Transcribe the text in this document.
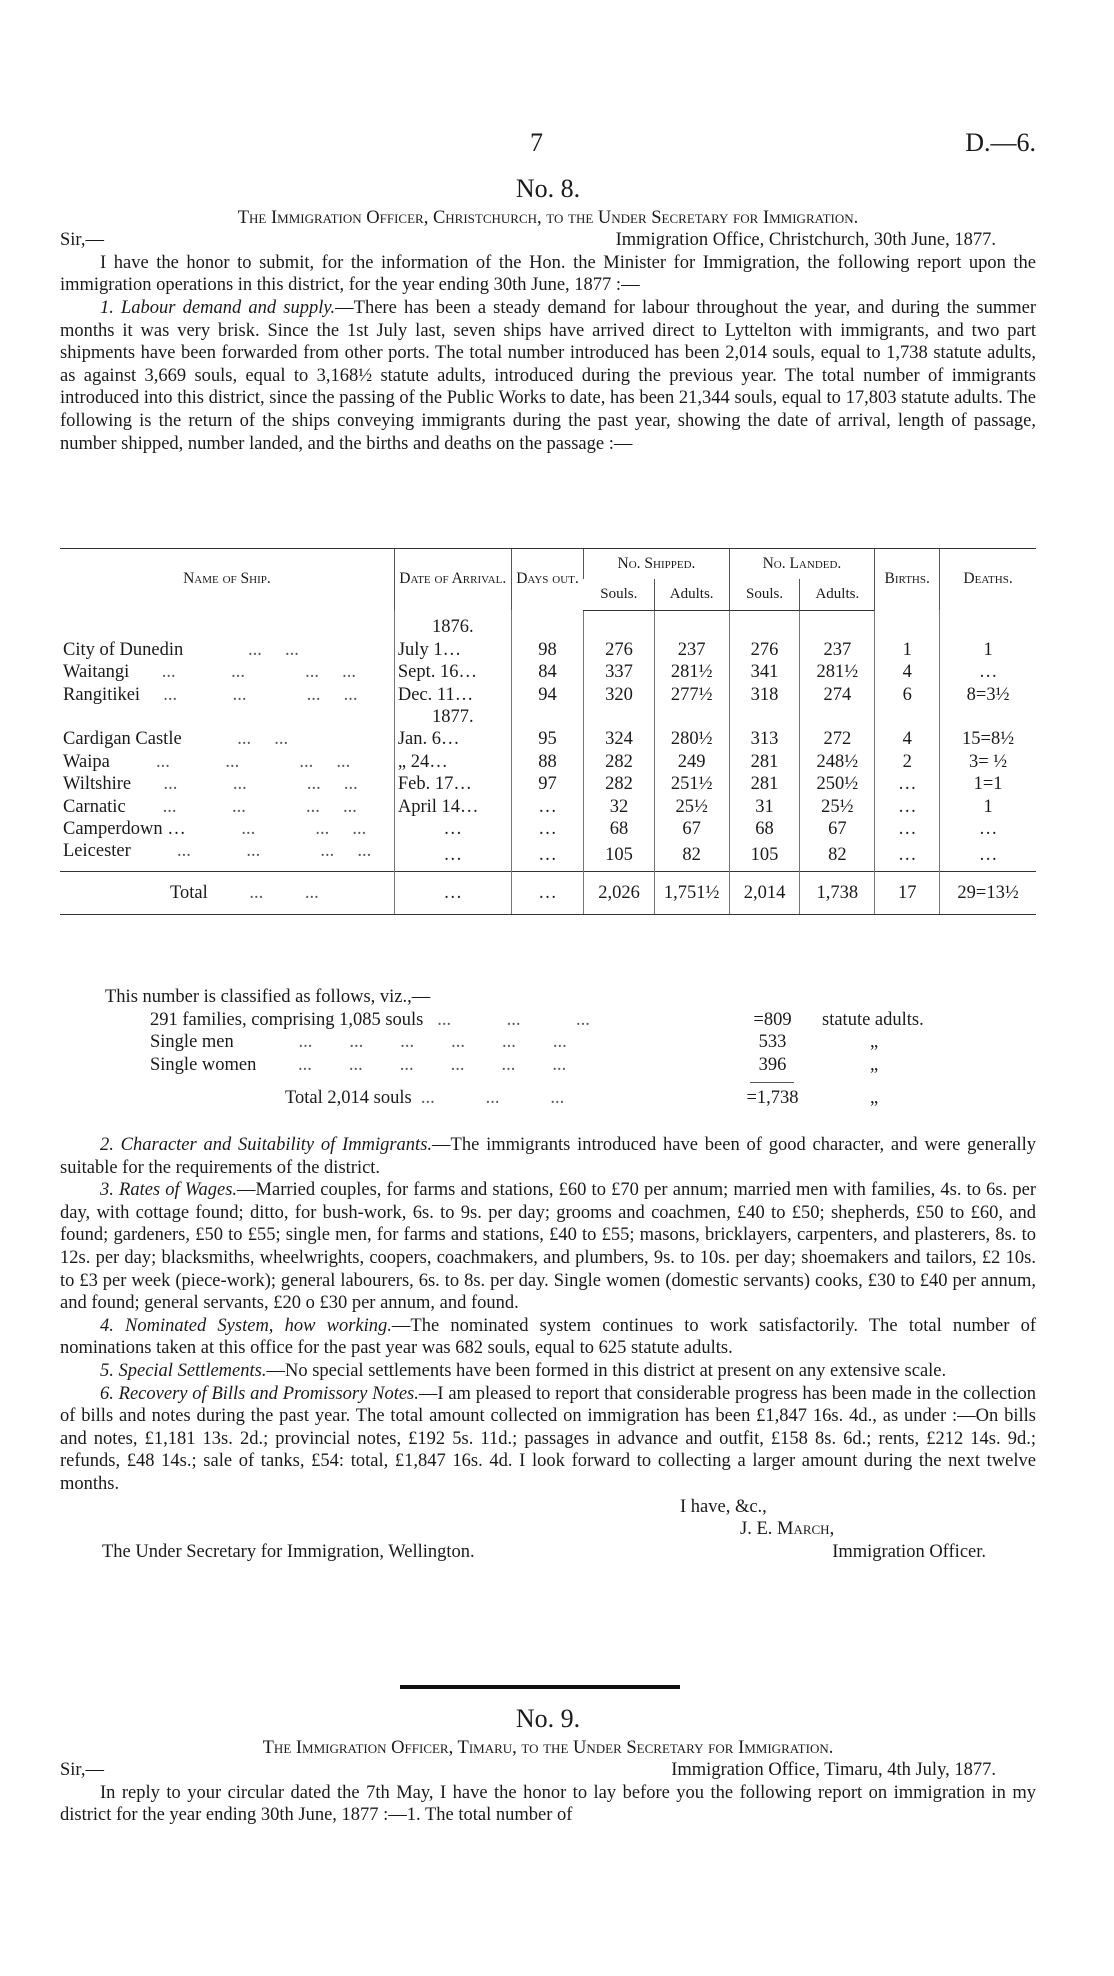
7	D.—6.

No. 8.

The Immigration Officer, Christchurch, to the Under Secretary for Immigration.

Sir,—	Immigration Office, Christchurch, 30th June, 1877.

I have the honor to submit, for the information of the Hon. the Minister for Immigration, the following report upon the immigration operations in this district, for the year ending 30th June, 1877 :—

1. Labour demand and supply.—There has been a steady demand for labour throughout the year, and during the summer months it was very brisk. Since the 1st July last, seven ships have arrived direct to Lyttelton with immigrants, and two part shipments have been forwarded from other ports. The total number introduced has been 2,014 souls, equal to 1,738 statute adults, as against 3,669 souls, equal to 3,168½ statute adults, introduced during the previous year. The total number of immigrants introduced into this district, since the passing of the Public Works to date, has been 21,344 souls, equal to 17,803 statute adults. The following is the return of the ships conveying immigrants during the past year, showing the date of arrival, length of passage, number shipped, number landed, and the births and deaths on the passage :—

Name of Ship.	Date of Arrival.	Days out.	No. Shipped.		No. Landed.		Births.	Deaths.
			Souls.	Adults.	Souls.	Adults.		
	1876.							
City of Dunedin              ...     ...	July 1…	98	276	237	276	237	1	1
Waitangi       ...            ...             ...     ...	Sept. 16…	84	337	281½	341	281½	4	…
Rangitikei     ...            ...             ...     ...	Dec. 11…	94	320	277½	318	274	6	8=3½
	1877.							
Cardigan Castle            ...     ...	Jan. 6…	95	324	280½	313	272	4	15=8½
Waipa          ...            ...             ...     ...	„ 24…	88	282	249	281	248½	2	3= ½
Wiltshire       ...            ...             ...     ...	Feb. 17…	97	282	251½	281	250½	…	1=1
Carnatic        ...            ...             ...     ...	April 14…	…	32	25½	31	25½	…	1
Camperdown …            ...             ...     ...	…	…	68	67	68	67	…	…
Leicester          ...            ...             ...     ...	…	…	105	82	105	82	…	…
Total         ...         ...	…	…	2,026	1,751½	2,014	1,738	17	29=13½

This number is classified as follows, viz.,—

291 families, comprising 1,085 souls   ...            ...            ...	=809	statute adults.
Single men              ...        ...        ...        ...        ...        ...	533	„
Single women         ...        ...        ...        ...        ...        ...	396	„
Total 2,014 souls  ...           ...           ...	=1,738	„

2. Character and Suitability of Immigrants.—The immigrants introduced have been of good character, and were generally suitable for the requirements of the district.

3. Rates of Wages.—Married couples, for farms and stations, £60 to £70 per annum; married men with families, 4s. to 6s. per day, with cottage found; ditto, for bush-work, 6s. to 9s. per day; grooms and coachmen, £40 to £50; shepherds, £50 to £60, and found; gardeners, £50 to £55; single men, for farms and stations, £40 to £55; masons, bricklayers, carpenters, and plasterers, 8s. to 12s. per day; blacksmiths, wheelwrights, coopers, coachmakers, and plumbers, 9s. to 10s. per day; shoemakers and tailors, £2 10s. to £3 per week (piece-work); general labourers, 6s. to 8s. per day. Single women (domestic servants) cooks, £30 to £40 per annum, and found; general servants, £20 o £30 per annum, and found.

4. Nominated System, how working.—The nominated system continues to work satisfactorily. The total number of nominations taken at this office for the past year was 682 souls, equal to 625 statute adults.

5. Special Settlements.—No special settlements have been formed in this district at present on any extensive scale.

6. Recovery of Bills and Promissory Notes.—I am pleased to report that considerable progress has been made in the collection of bills and notes during the past year. The total amount collected on immigration has been £1,847 16s. 4d., as under :—On bills and notes, £1,181 13s. 2d.; provincial notes, £192 5s. 11d.; passages in advance and outfit, £158 8s. 6d.; rents, £212 14s. 9d.; refunds, £48 14s.; sale of tanks, £54: total, £1,847 16s. 4d. I look forward to collecting a larger amount during the next twelve months.

I have, &c.,

J. E. March,

The Under Secretary for Immigration, Wellington.	Immigration Officer.

No. 9.

The Immigration Officer, Timaru, to the Under Secretary for Immigration.

Sir,—	Immigration Office, Timaru, 4th July, 1877.

In reply to your circular dated the 7th May, I have the honor to lay before you the following report on immigration in my district for the year ending 30th June, 1877 :—1. The total number of
